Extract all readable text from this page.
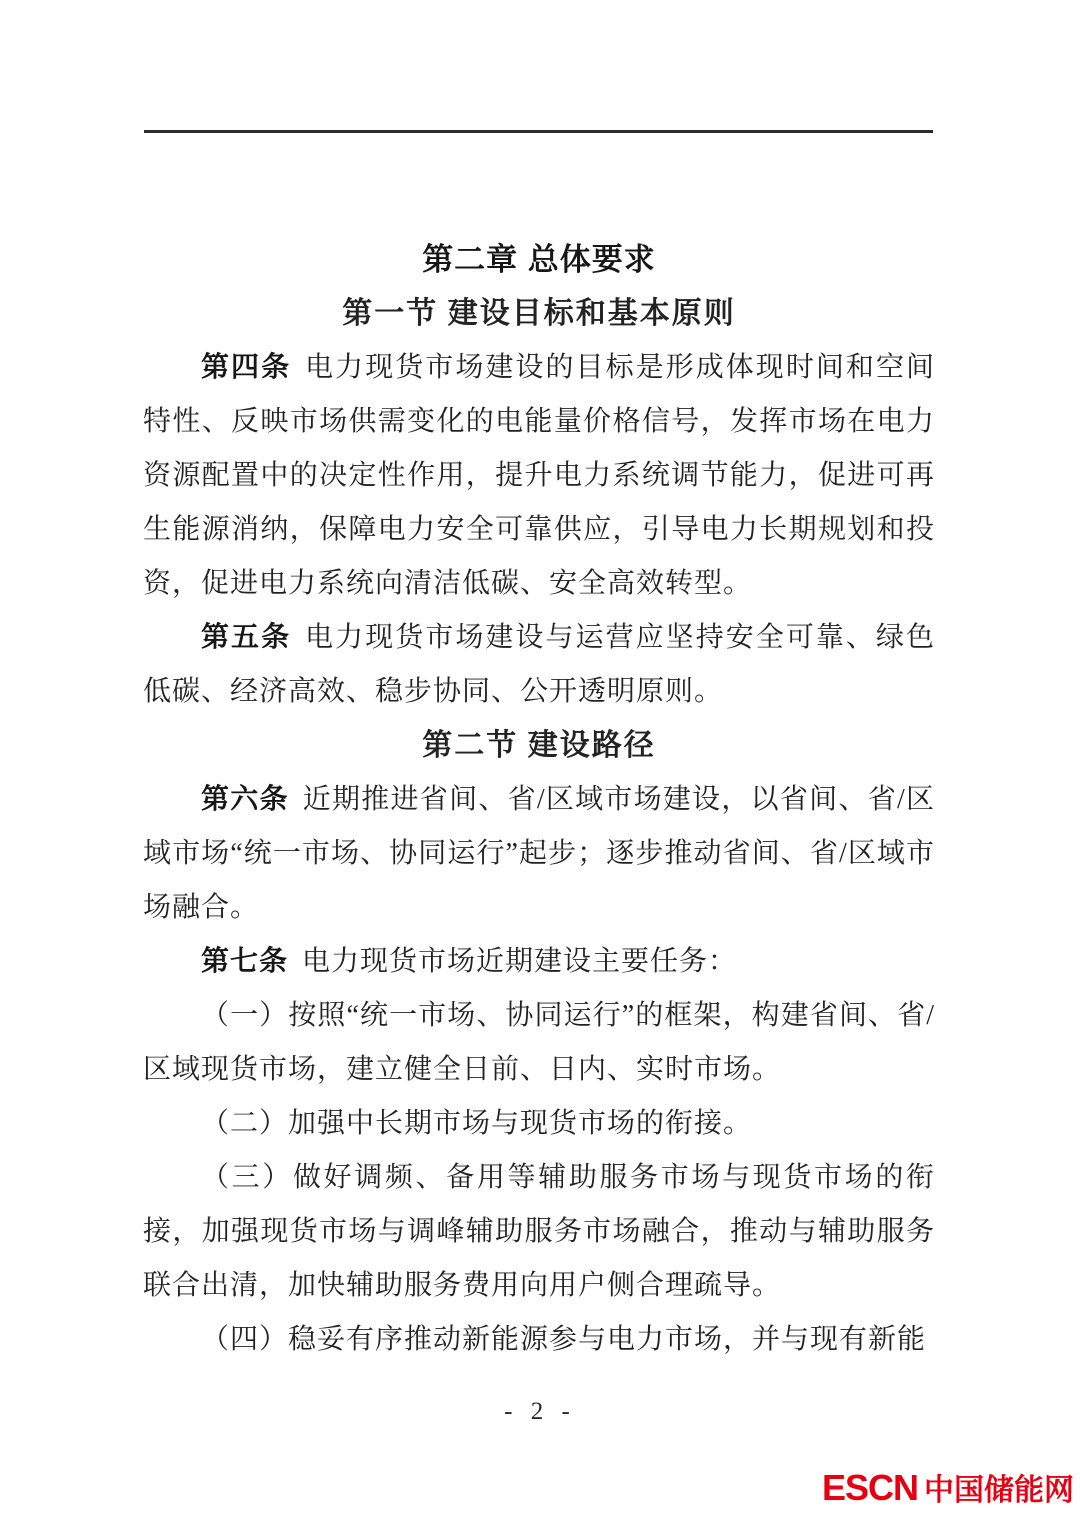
第二章 总体要求
第一节 建设目标和基本原则

第四条 电力现货市场建设的目标是形成体现时间和空间特性、反映市场供需变化的电能量价格信号，发挥市场在电力资源配置中的决定性作用，提升电力系统调节能力，促进可再生能源消纳，保障电力安全可靠供应，引导电力长期规划和投资，促进电力系统向清洁低碳、安全高效转型。

第五条 电力现货市场建设与运营应坚持安全可靠、绿色低碳、经济高效、稳步协同、公开透明原则。

第二节 建设路径

第六条 近期推进省间、省/区域市场建设，以省间、省/区域市场“统一市场、协同运行”起步；逐步推动省间、省/区域市场融合。

第七条 电力现货市场近期建设主要任务：

（一）按照“统一市场、协同运行”的框架，构建省间、省/区域现货市场，建立健全日前、日内、实时市场。

（二）加强中长期市场与现货市场的衔接。

（三）做好调频、备用等辅助服务市场与现货市场的衔接，加强现货市场与调峰辅助服务市场融合，推动与辅助服务联合出清，加快辅助服务费用向用户侧合理疏导。

（四）稳妥有序推动新能源参与电力市场，并与现有新能

- 2 -
ESCN 中国储能网
